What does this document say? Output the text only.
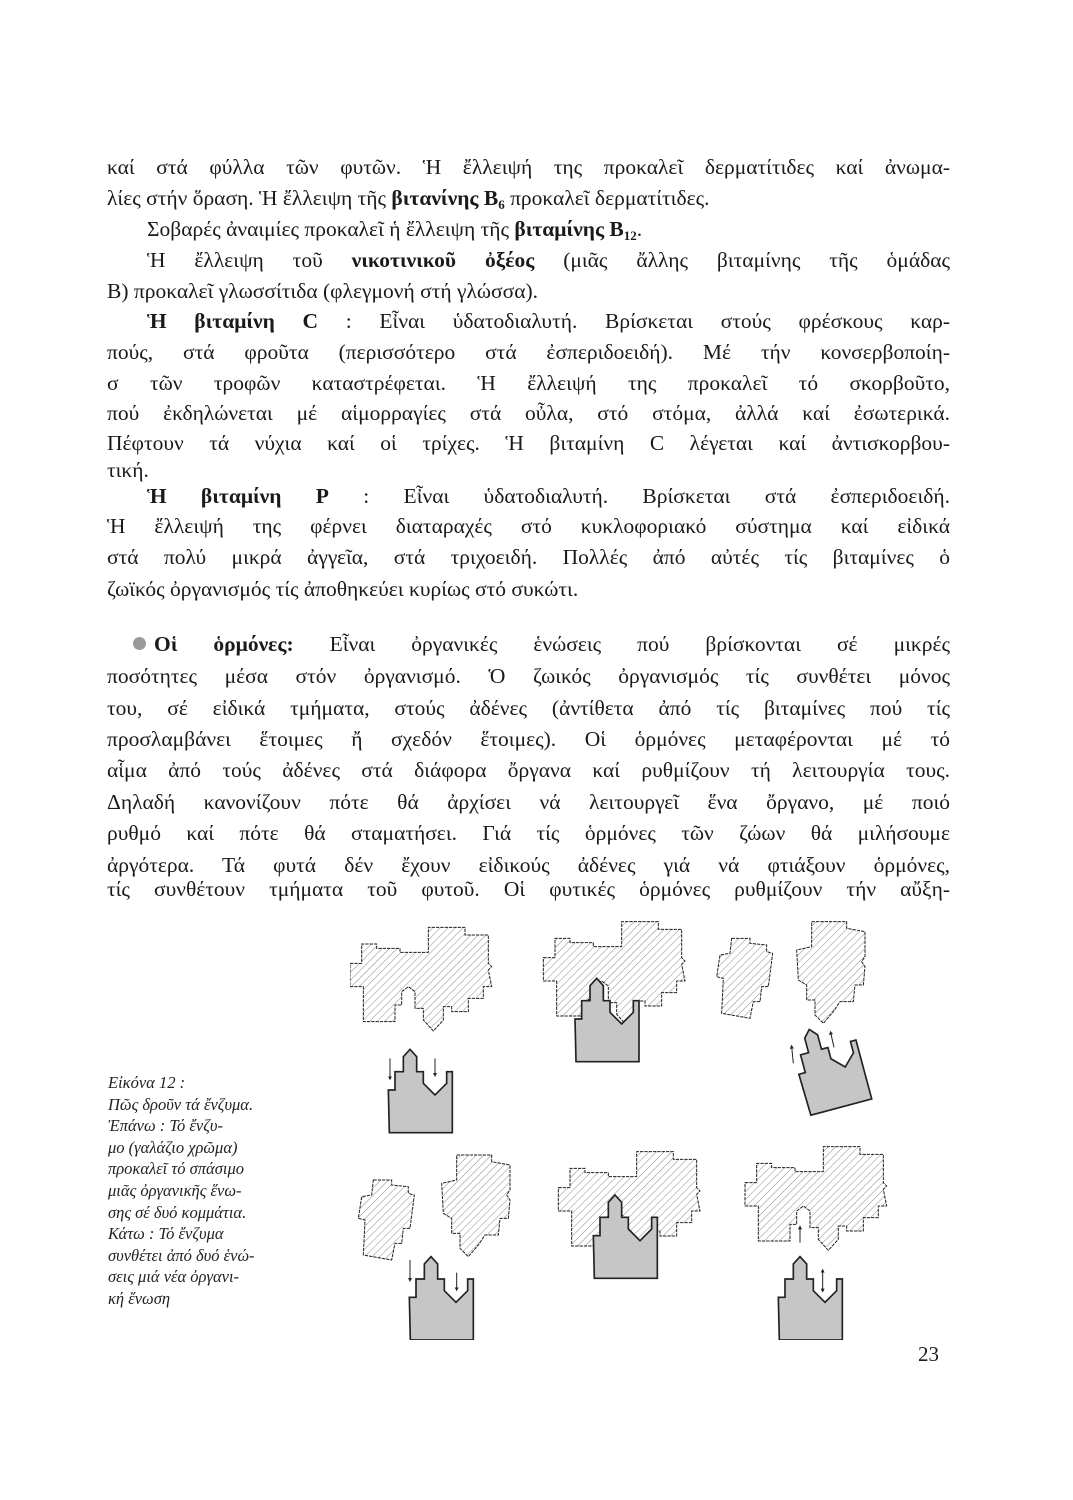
καί στά φύλλα τῶν φυτῶν. Ἡ ἔλλειψή της προκαλεῖ δερματίτιδες καί ἀνωμα-
λίες στήν ὅραση. Ἡ ἔλλειψη τῆς βιτανίνης $B_6$ προκαλεῖ δερματίτιδες.
Σοβαρές ἀναιμίες προκαλεῖ ἡ ἔλλειψη τῆς βιταμίνης $B_{12}$.
Ἡ ἔλλειψη τοῦ νικοτινικοῦ ὀξέος (μιᾶς ἄλλης βιταμίνης τῆς ὁμάδας
B) προκαλεῖ γλωσσίτιδα (φλεγμονή στή γλώσσα).
Ἡ βιταμίνη C : Εἶναι ὑδατοδιαλυτή. Βρίσκεται στούς φρέσκους καρ-
πούς, στά φροῦτα (περισσότερο στά ἐσπεριδοειδή). Μέ τήν κονσερβοποίη-
σ τῶν τροφῶν καταστρέφεται. Ἡ ἔλλειψή της προκαλεῖ τό σκορβοῦτο,
πού ἐκδηλώνεται μέ αἱμορραγίες στά οὖλα, στό στόμα, ἀλλά καί ἐσωτερικά.
Πέφτουν τά νύχια καί οἱ τρίχες. Ἡ βιταμίνη C λέγεται καί ἀντισκορβου-
τική.
Ἡ βιταμίνη P : Εἶναι ὑδατοδιαλυτή. Βρίσκεται στά ἐσπεριδοειδή.
Ἡ ἔλλειψή της φέρνει διαταραχές στό κυκλοφοριακό σύστημα καί εἰδικά
στά πολύ μικρά ἀγγεῖα, στά τριχοειδή. Πολλές ἀπό αὐτές τίς βιταμίνες ὁ
ζωϊκός ὀργανισμός τίς ἀποθηκεύει κυρίως στό συκώτι.
Οἱ ὁρμόνες: Εἶναι ὀργανικές ἑνώσεις πού βρίσκονται σέ μικρές
ποσότητες μέσα στόν ὀργανισμό. Ὁ ζωικός ὀργανισμός τίς συνθέτει μόνος
του, σέ εἰδικά τμήματα, στούς ἀδένες (ἀντίθετα ἀπό τίς βιταμίνες πού τίς
προσλαμβάνει ἕτοιμες ἤ σχεδόν ἕτοιμες). Οἱ ὁρμόνες μεταφέρονται μέ τό
αἷμα ἀπό τούς ἀδένες στά διάφορα ὄργανα καί ρυθμίζουν τή λειτουργία τους.
Δηλαδή κανονίζουν πότε θά ἀρχίσει νά λειτουργεῖ ἕνα ὄργανο, μέ ποιό
ρυθμό καί πότε θά σταματήσει. Γιά τίς ὁρμόνες τῶν ζώων θά μιλήσουμε
ἀργότερα. Τά φυτά δέν ἔχουν εἰδικούς ἀδένες γιά νά φτιάξουν ὁρμόνες,
τίς συνθέτουν τμήματα τοῦ φυτοῦ. Οἱ φυτικές ὁρμόνες ρυθμίζουν τήν αὔξη-
Εἰκόνα 12 :
Πῶς δροῦν τά ἔνζυμα.
Ἐπάνω : Τό ἔνζυ-
μο (γαλάζιο χρῶμα)
προκαλεῖ τό σπάσιμο
μιᾶς ὀργανικῆς ἕνω-
σης σέ δυό κομμάτια.
Κάτω : Τό ἔνζυμα
συνθέτει ἀπό δυό ἑνώ-
σεις μιά νέα ὀργανι-
κή ἕνωση
23
